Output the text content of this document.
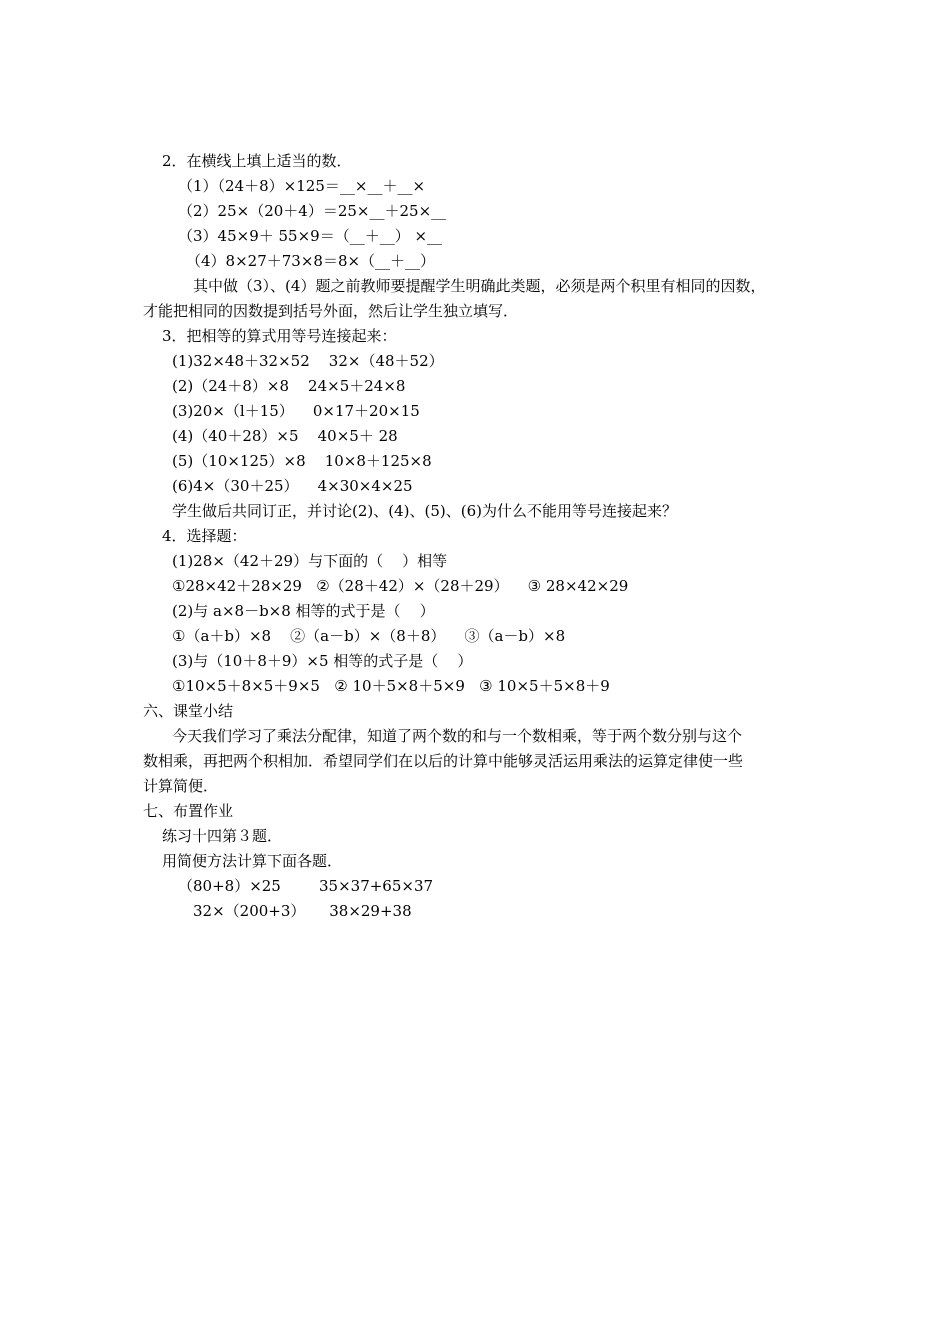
2．在横线上填上适当的数．
（1）（24＋8）×125＝__×__＋__×
（2）25×（20＋4）＝25×__＋25×__
（3）45×9＋ 55×9＝（__＋__） ×__
（4）8×27＋73×8＝8×（__＋__）
其中做（3）、(4）题之前教师要提醒学生明确此类题，必须是两个积里有相同的因数，
才能把相同的因数提到括号外面，然后让学生独立填写．
3．把相等的算式用等号连接起来：
(1)32×48＋32×52    32×（48＋52）
(2)（24＋8）×8    24×5＋24×8
(3)20×（l＋15）    0×17＋20×15
(4)（40＋28）×5    40×5＋ 28
(5)（10×125）×8    10×8＋125×8
(6)4×（30＋25）    4×30×4×25
学生做后共同订正，并讨论(2)、(4)、(5)、(6)为什么不能用等号连接起来？
4．选择题：
(1)28×（42＋29）与下面的（    ）相等
①28×42＋28×29   ②（28＋42）×（28＋29）    ③ 28×42×29
(2)与 a×8－b×8 相等的式于是（    ）
①（a＋b）×8    ②（a－b）×（8＋8）    ③（a－b）×8
(3)与（10＋8＋9）×5 相等的式子是（    ）
①10×5＋8×5＋9×5   ② 10＋5×8＋5×9   ③ 10×5＋5×8＋9
六、课堂小结
今天我们学习了乘法分配律，知道了两个数的和与一个数相乘，等于两个数分别与这个
数相乘，再把两个积相加．希望同学们在以后的计算中能够灵活运用乘法的运算定律使一些
计算简便．
七、布置作业
练习十四第３题．
用简便方法计算下面各题．
（80+8）×25        35×37+65×37
32×（200+3）     38×29+38
